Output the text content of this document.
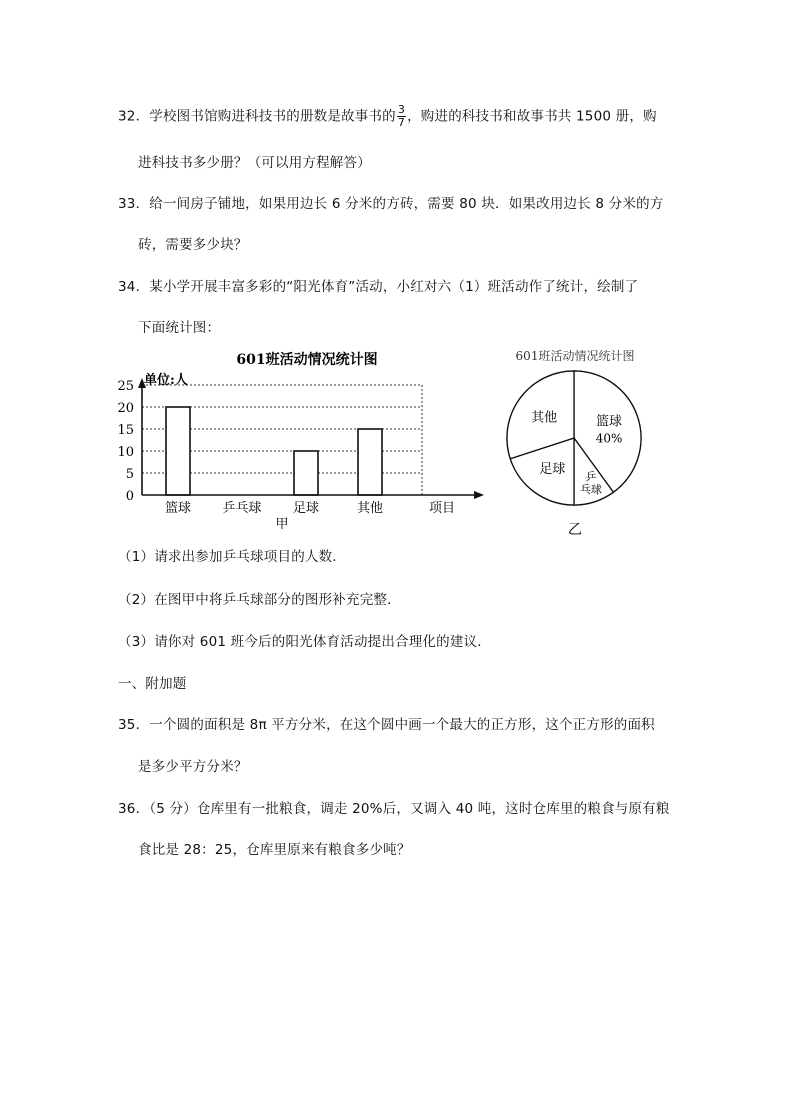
32．学校图书馆购进科技书的册数是故事书的 $\frac{3}{7}$ ，购进的科技书和故事书共 1500 册，购
进科技书多少册？（可以用方程解答）
33．给一间房子铺地，如果用边长 6 分米的方砖，需要 80 块．如果改用边长 8 分米的方
砖，需要多少块？
34．某小学开展丰富多彩的“阳光体育”活动，小红对六（1）班活动作了统计，绘制了
下面统计图：
601班活动情况统计图
单位:人
0
5
10
15
20
25
篮球 乒乓球 足球	其他	项目
甲
601班活动情况统计图
篮球
40%
乒乓球
足球
其他
乙
（1）请求出参加乒乓球项目的人数．
（2）在图甲中将乒乓球部分的图形补充完整．
（3）请你对 601 班今后的阳光体育活动提出合理化的建议．
一、附加题
35．一个圆的面积是 8π 平方分米，在这个圆中画一个最大的正方形，这个正方形的面积
是多少平方分米？
36．（5 分）仓库里有一批粮食，调走 20%后，又调入 40 吨，这时仓库里的粮食与原有粮
食比是 28：25，仓库里原来有粮食多少吨？
